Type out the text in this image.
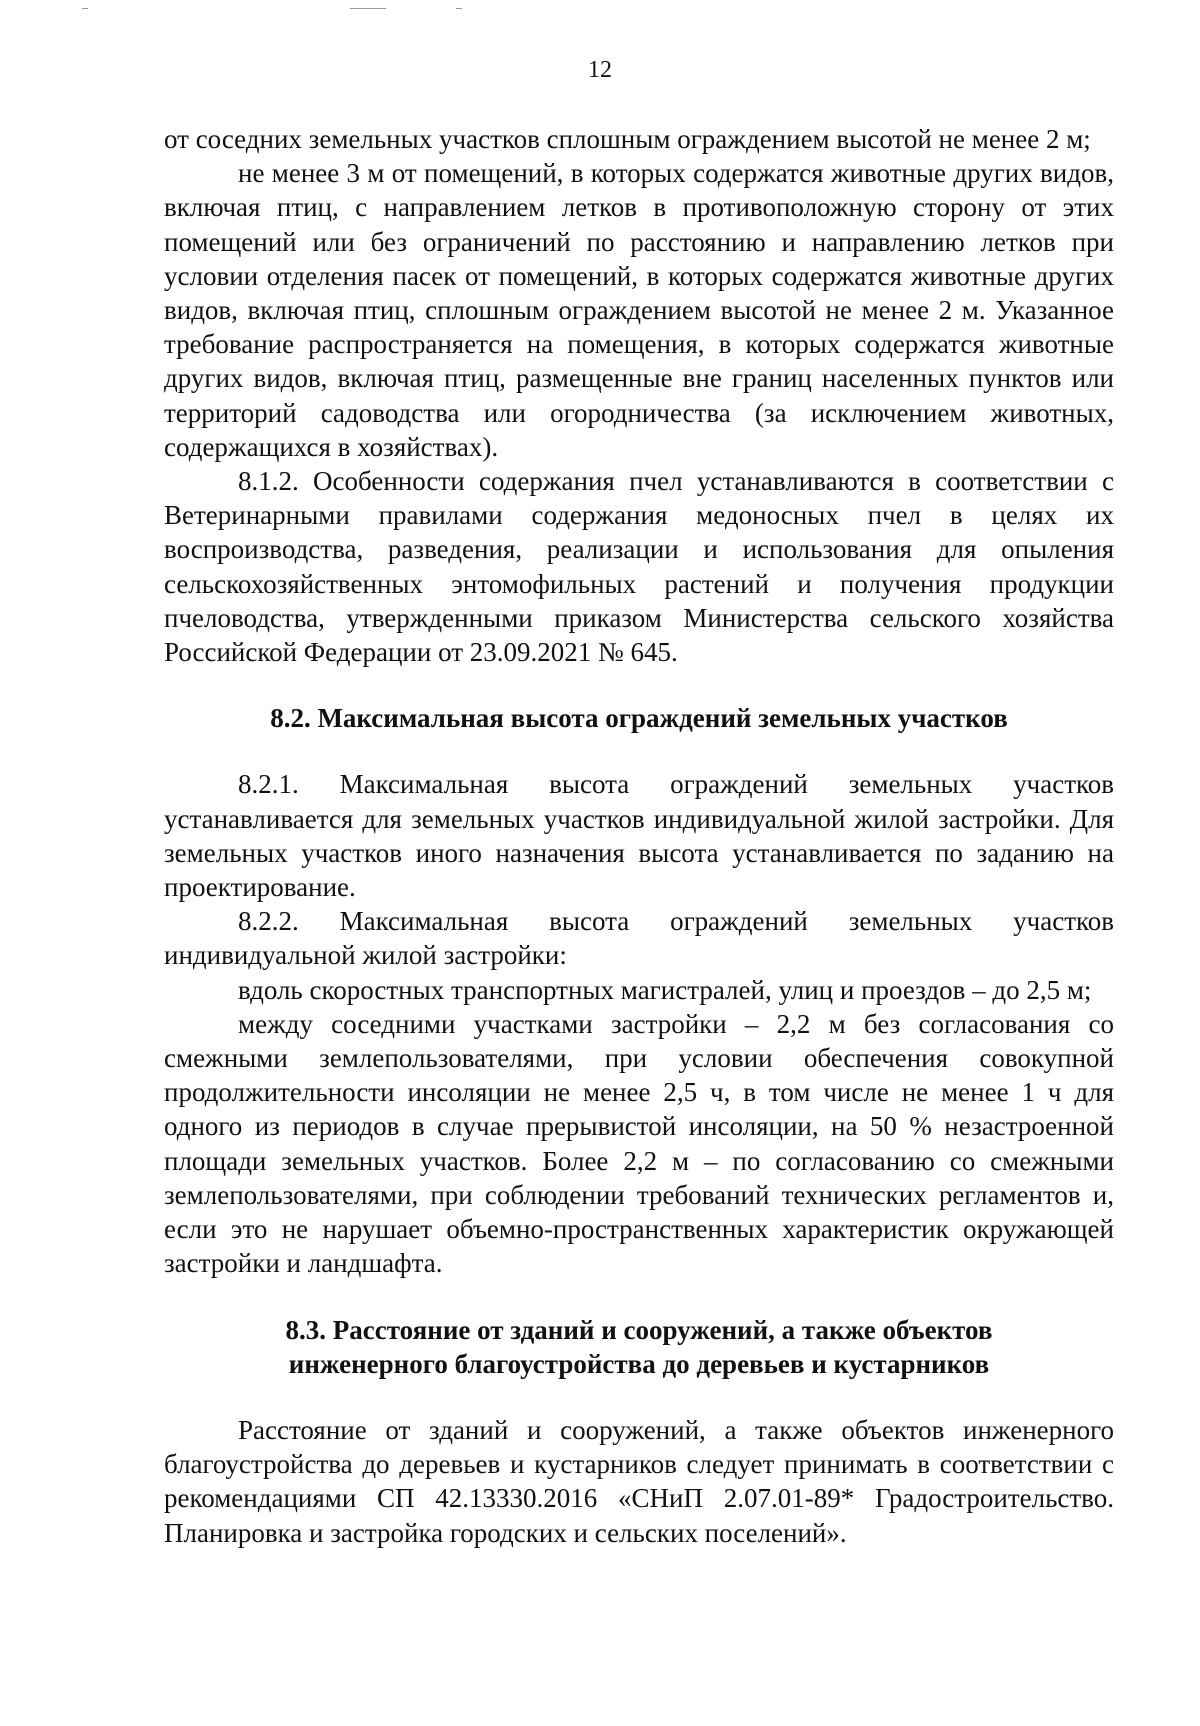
12

от соседних земельных участков сплошным ограждением высотой не менее 2 м;

не менее 3 м от помещений, в которых содержатся животные других видов, включая птиц, с направлением летков в противоположную сторону от этих помещений или без ограничений по расстоянию и направлению летков при условии отделения пасек от помещений, в которых содержатся животные других видов, включая птиц, сплошным ограждением высотой не менее 2 м. Указанное требование распространяется на помещения, в которых содержатся животные других видов, включая птиц, размещенные вне границ населенных пунктов или территорий садоводства или огородничества (за исключением животных, содержащихся в хозяйствах).

8.1.2. Особенности содержания пчел устанавливаются в соответствии с Ветеринарными правилами содержания медоносных пчел в целях их воспроизводства, разведения, реализации и использования для опыления сельскохозяйственных энтомофильных растений и получения продукции пчеловодства, утвержденными приказом Министерства сельского хозяйства Российской Федерации от 23.09.2021 № 645.

8.2. Максимальная высота ограждений земельных участков

8.2.1. Максимальная высота ограждений земельных участков устанавливается для земельных участков индивидуальной жилой застройки. Для земельных участков иного назначения высота устанавливается по заданию на проектирование.

8.2.2. Максимальная высота ограждений земельных участков индивидуальной жилой застройки:

вдоль скоростных транспортных магистралей, улиц и проездов – до 2,5 м;

между соседними участками застройки – 2,2 м без согласования со смежными землепользователями, при условии обеспечения совокупной продолжительности инсоляции не менее 2,5 ч, в том числе не менее 1 ч для одного из периодов в случае прерывистой инсоляции, на 50 % незастроенной площади земельных участков. Более 2,2 м – по согласованию со смежными землепользователями, при соблюдении требований технических регламентов и, если это не нарушает объемно-пространственных характеристик окружающей застройки и ландшафта.

8.3. Расстояние от зданий и сооружений, а также объектов
инженерного благоустройства до деревьев и кустарников

Расстояние от зданий и сооружений, а также объектов инженерного благоустройства до деревьев и кустарников следует принимать в соответствии с рекомендациями СП 42.13330.2016 «СНиП 2.07.01-89* Градостроительство. Планировка и застройка городских и сельских поселений».
